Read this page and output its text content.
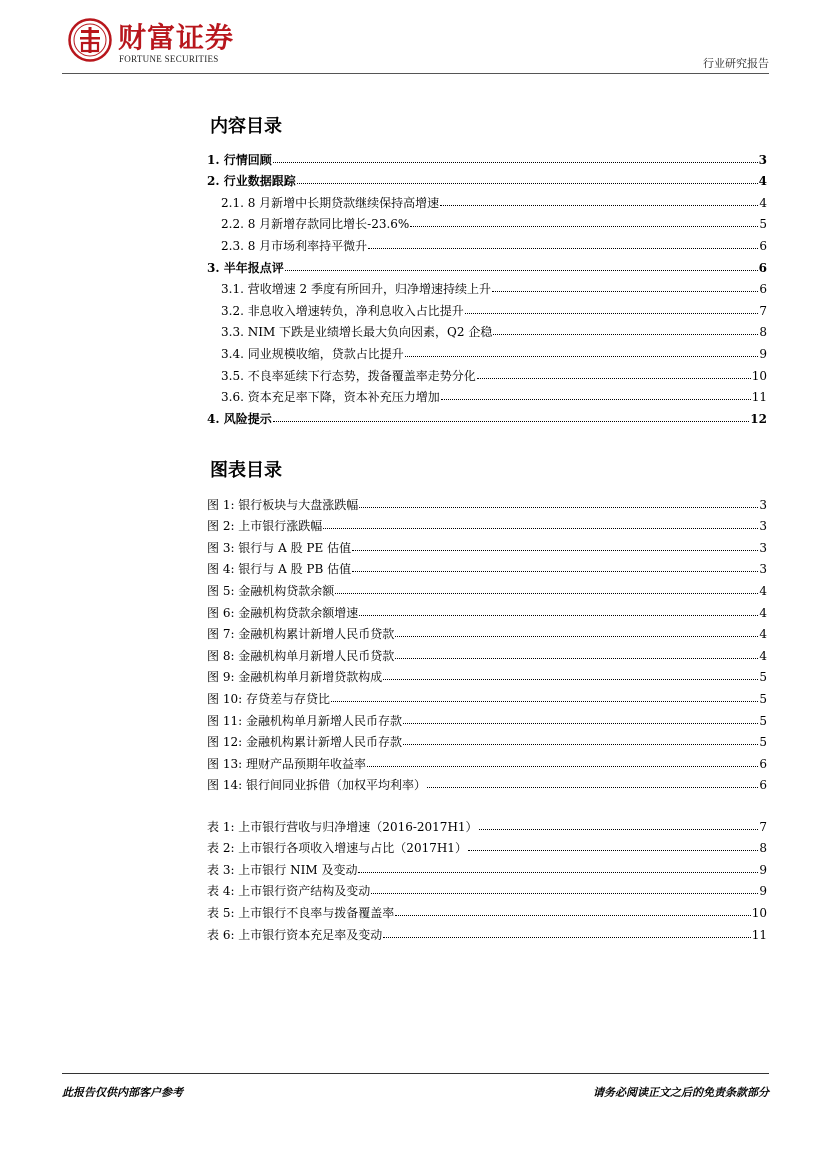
财富证券
FORTUNE SECURITIES	行业研究报告
内容目录
1. 行情回顾	3
2. 行业数据跟踪	4
2.1. 8 月新增中长期贷款继续保持高增速	4
2.2. 8 月新增存款同比增长-23.6%	5
2.3. 8 月市场利率持平微升	6
3. 半年报点评	6
3.1. 营收增速 2 季度有所回升，归净增速持续上升	6
3.2. 非息收入增速转负，净利息收入占比提升	7
3.3. NIM 下跌是业绩增长最大负向因素，Q2 企稳	8
3.4. 同业规模收缩，贷款占比提升	9
3.5. 不良率延续下行态势，拨备覆盖率走势分化	10
3.6. 资本充足率下降，资本补充压力增加	11
4. 风险提示	12
图表目录
图 1: 银行板块与大盘涨跌幅	3
图 2: 上市银行涨跌幅	3
图 3: 银行与 A 股 PE 估值	3
图 4: 银行与 A 股 PB 估值	3
图 5: 金融机构贷款余额	4
图 6: 金融机构贷款余额增速	4
图 7: 金融机构累计新增人民币贷款	4
图 8: 金融机构单月新增人民币贷款	4
图 9: 金融机构单月新增贷款构成	5
图 10: 存贷差与存贷比	5
图 11: 金融机构单月新增人民币存款	5
图 12: 金融机构累计新增人民币存款	5
图 13: 理财产品预期年收益率	6
图 14: 银行间同业拆借（加权平均利率）	6
表 1: 上市银行营收与归净增速（2016-2017H1）	7
表 2: 上市银行各项收入增速与占比（2017H1）	8
表 3: 上市银行 NIM 及变动	9
表 4: 上市银行资产结构及变动	9
表 5: 上市银行不良率与拨备覆盖率	10
表 6: 上市银行资本充足率及变动	11
此报告仅供内部客户参考	请务必阅读正文之后的免责条款部分
